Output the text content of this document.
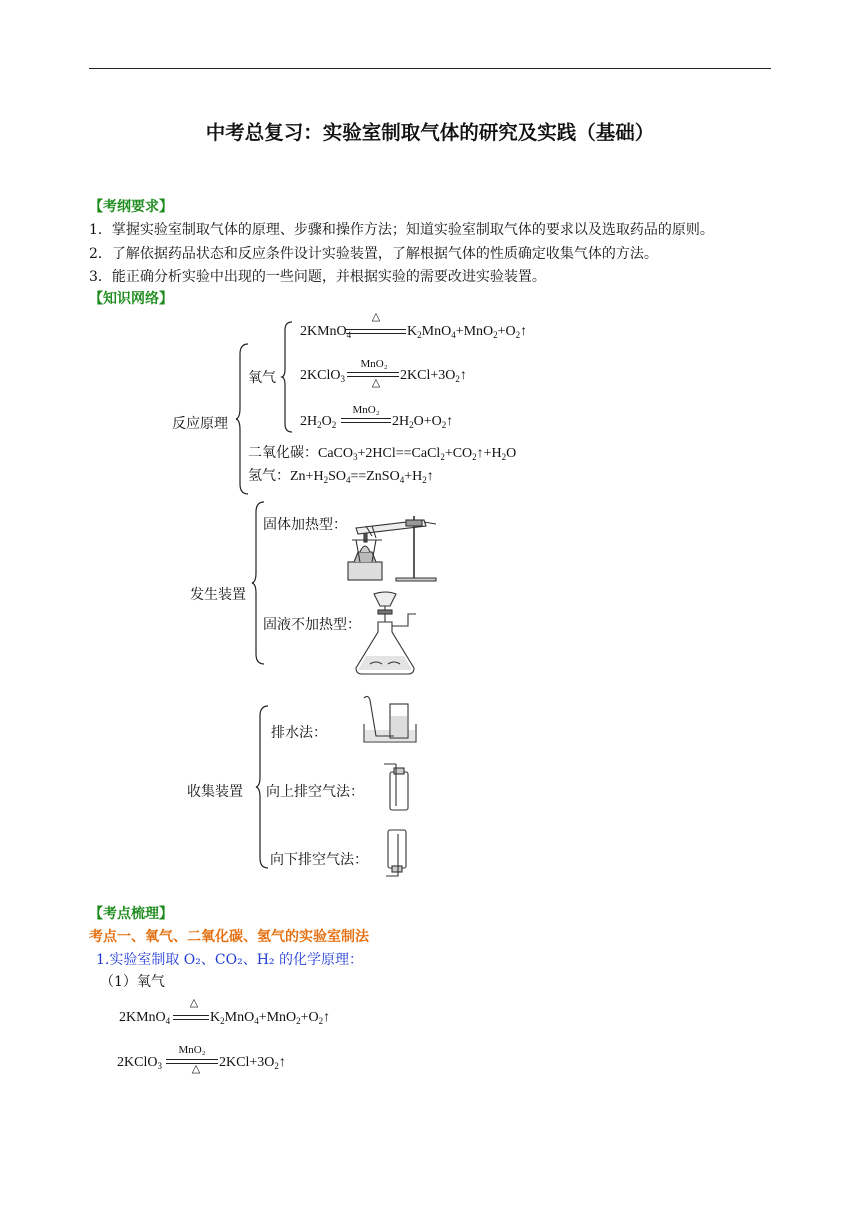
中考总复习：实验室制取气体的研究及实践（基础）
【考纲要求】
1．掌握实验室制取气体的原理、步骤和操作方法；知道实验室制取气体的要求以及选取药品的原则。
2．了解依据药品状态和反应条件设计实验装置，了解根据气体的性质确定收集气体的方法。
3．能正确分析实验中出现的一些问题，并根据实验的需要改进实验装置。
【知识网络】
反应原理
氧气
2KMnO$_4$
△
$K_2MnO_4+MnO_2+O_2↑$
2KClO$_3$
MnO₂
△	$2KCl+3O_2↑$
$2H_2O_2$
MnO₂
$2H_2O+O_2↑$
二氧化碳：$CaCO_3+2HCl==CaCl_2+CO_2↑+H_2O$
氢气：$Zn+H_2SO_4==ZnSO_4+H_2↑$
发生装置
固体加热型：
固液不加热型：
收集装置
排水法：
向上排空气法：
向下排空气法：
【考点梳理】
考点一、氧气、二氧化碳、氢气的实验室制法
1.实验室制取 O₂、CO₂、H₂ 的化学原理：
（1）氧气
2KMnO$_4$
△
$K_2MnO_4+MnO_2+O_2↑$
2KClO$_3$
MnO₂
△	$2KCl+3O_2↑$
